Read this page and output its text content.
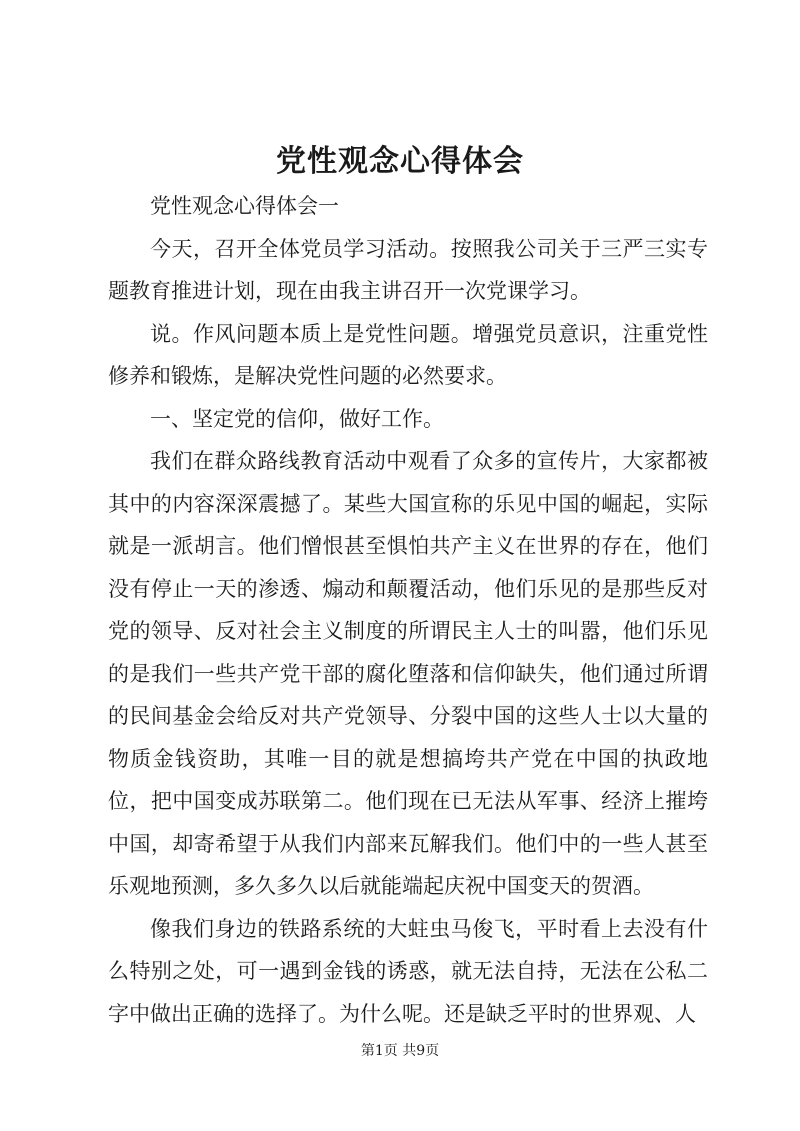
党性观念心得体会

党性观念心得体会一

今天，召开全体党员学习活动。按照我公司关于三严三实专题教育推进计划，现在由我主讲召开一次党课学习。

说。作风问题本质上是党性问题。增强党员意识，注重党性修养和锻炼，是解决党性问题的必然要求。

一、坚定党的信仰，做好工作。

我们在群众路线教育活动中观看了众多的宣传片，大家都被其中的内容深深震撼了。某些大国宣称的乐见中国的崛起，实际就是一派胡言。他们憎恨甚至惧怕共产主义在世界的存在，他们没有停止一天的渗透、煽动和颠覆活动，他们乐见的是那些反对党的领导、反对社会主义制度的所谓民主人士的叫嚣，他们乐见的是我们一些共产党干部的腐化堕落和信仰缺失，他们通过所谓的民间基金会给反对共产党领导、分裂中国的这些人士以大量的物质金钱资助，其唯一目的就是想搞垮共产党在中国的执政地位，把中国变成苏联第二。他们现在已无法从军事、经济上摧垮中国，却寄希望于从我们内部来瓦解我们。他们中的一些人甚至乐观地预测，多久多久以后就能端起庆祝中国变天的贺酒。

像我们身边的铁路系统的大蛀虫马俊飞，平时看上去没有什么特别之处，可一遇到金钱的诱惑，就无法自持，无法在公私二字中做出正确的选择了。为什么呢。还是缺乏平时的世界观、人

第1页 共9页
